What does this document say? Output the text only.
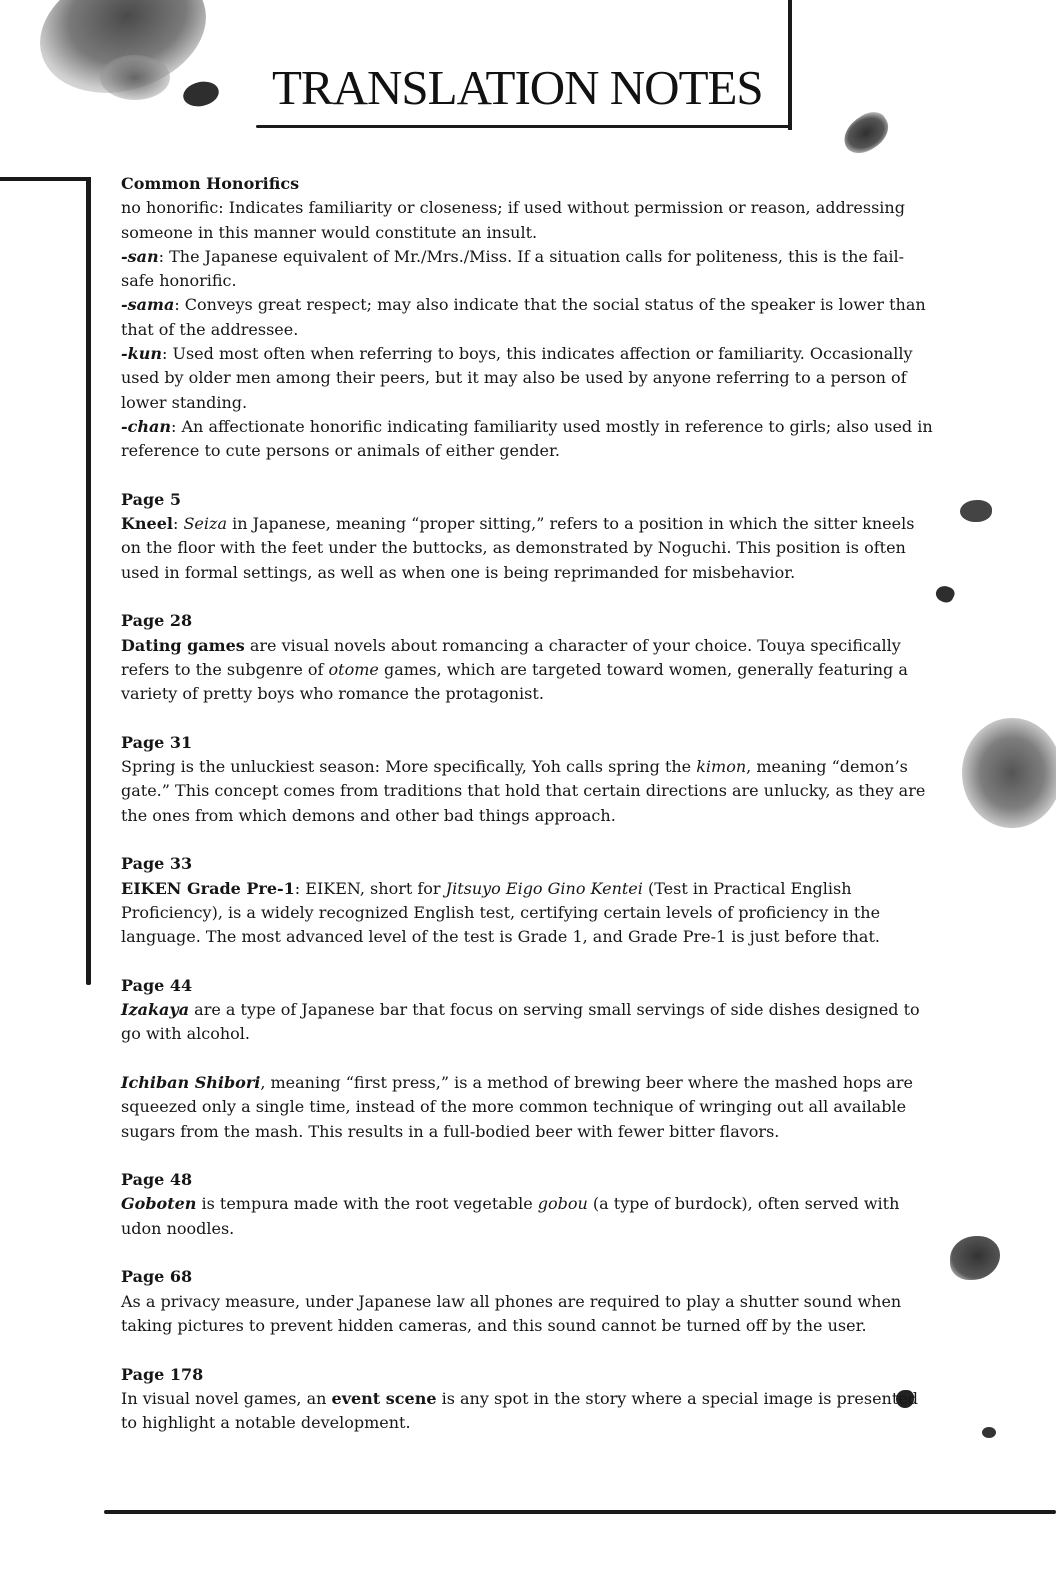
TRANSLATION NOTES
Common Honorifics

no honorific: Indicates familiarity or closeness; if used without permission or reason, addressing someone in this manner would constitute an insult.

-san: The Japanese equivalent of Mr./Mrs./Miss. If a situation calls for politeness, this is the fail-safe honorific.

-sama: Conveys great respect; may also indicate that the social status of the speaker is lower than that of the addressee.

-kun: Used most often when referring to boys, this indicates affection or familiarity. Occasionally used by older men among their peers, but it may also be used by anyone referring to a person of lower standing.

-chan: An affectionate honorific indicating familiarity used mostly in reference to girls; also used in reference to cute persons or animals of either gender.

Page 5

Kneel: Seiza in Japanese, meaning “proper sitting,” refers to a position in which the sitter kneels on the floor with the feet under the buttocks, as demonstrated by Noguchi. This position is often used in formal settings, as well as when one is being reprimanded for misbehavior.

Page 28

Dating games are visual novels about romancing a character of your choice. Touya specifically refers to the subgenre of otome games, which are targeted toward women, generally featuring a variety of pretty boys who romance the protagonist.

Page 31

Spring is the unluckiest season: More specifically, Yoh calls spring the kimon, meaning “demon’s gate.” This concept comes from traditions that hold that certain directions are unlucky, as they are the ones from which demons and other bad things approach.

Page 33

EIKEN Grade Pre-1: EIKEN, short for Jitsuyo Eigo Gino Kentei (Test in Practical English Proficiency), is a widely recognized English test, certifying certain levels of proficiency in the language. The most advanced level of the test is Grade 1, and Grade Pre-1 is just before that.

Page 44

Izakaya are a type of Japanese bar that focus on serving small servings of side dishes designed to go with alcohol.

Ichiban Shibori, meaning “first press,” is a method of brewing beer where the mashed hops are squeezed only a single time, instead of the more common technique of wringing out all available sugars from the mash. This results in a full-bodied beer with fewer bitter flavors.

Page 48

Goboten is tempura made with the root vegetable gobou (a type of burdock), often served with udon noodles.

Page 68

As a privacy measure, under Japanese law all phones are required to play a shutter sound when taking pictures to prevent hidden cameras, and this sound cannot be turned off by the user.

Page 178

In visual novel games, an event scene is any spot in the story where a special image is presented to highlight a notable development.
